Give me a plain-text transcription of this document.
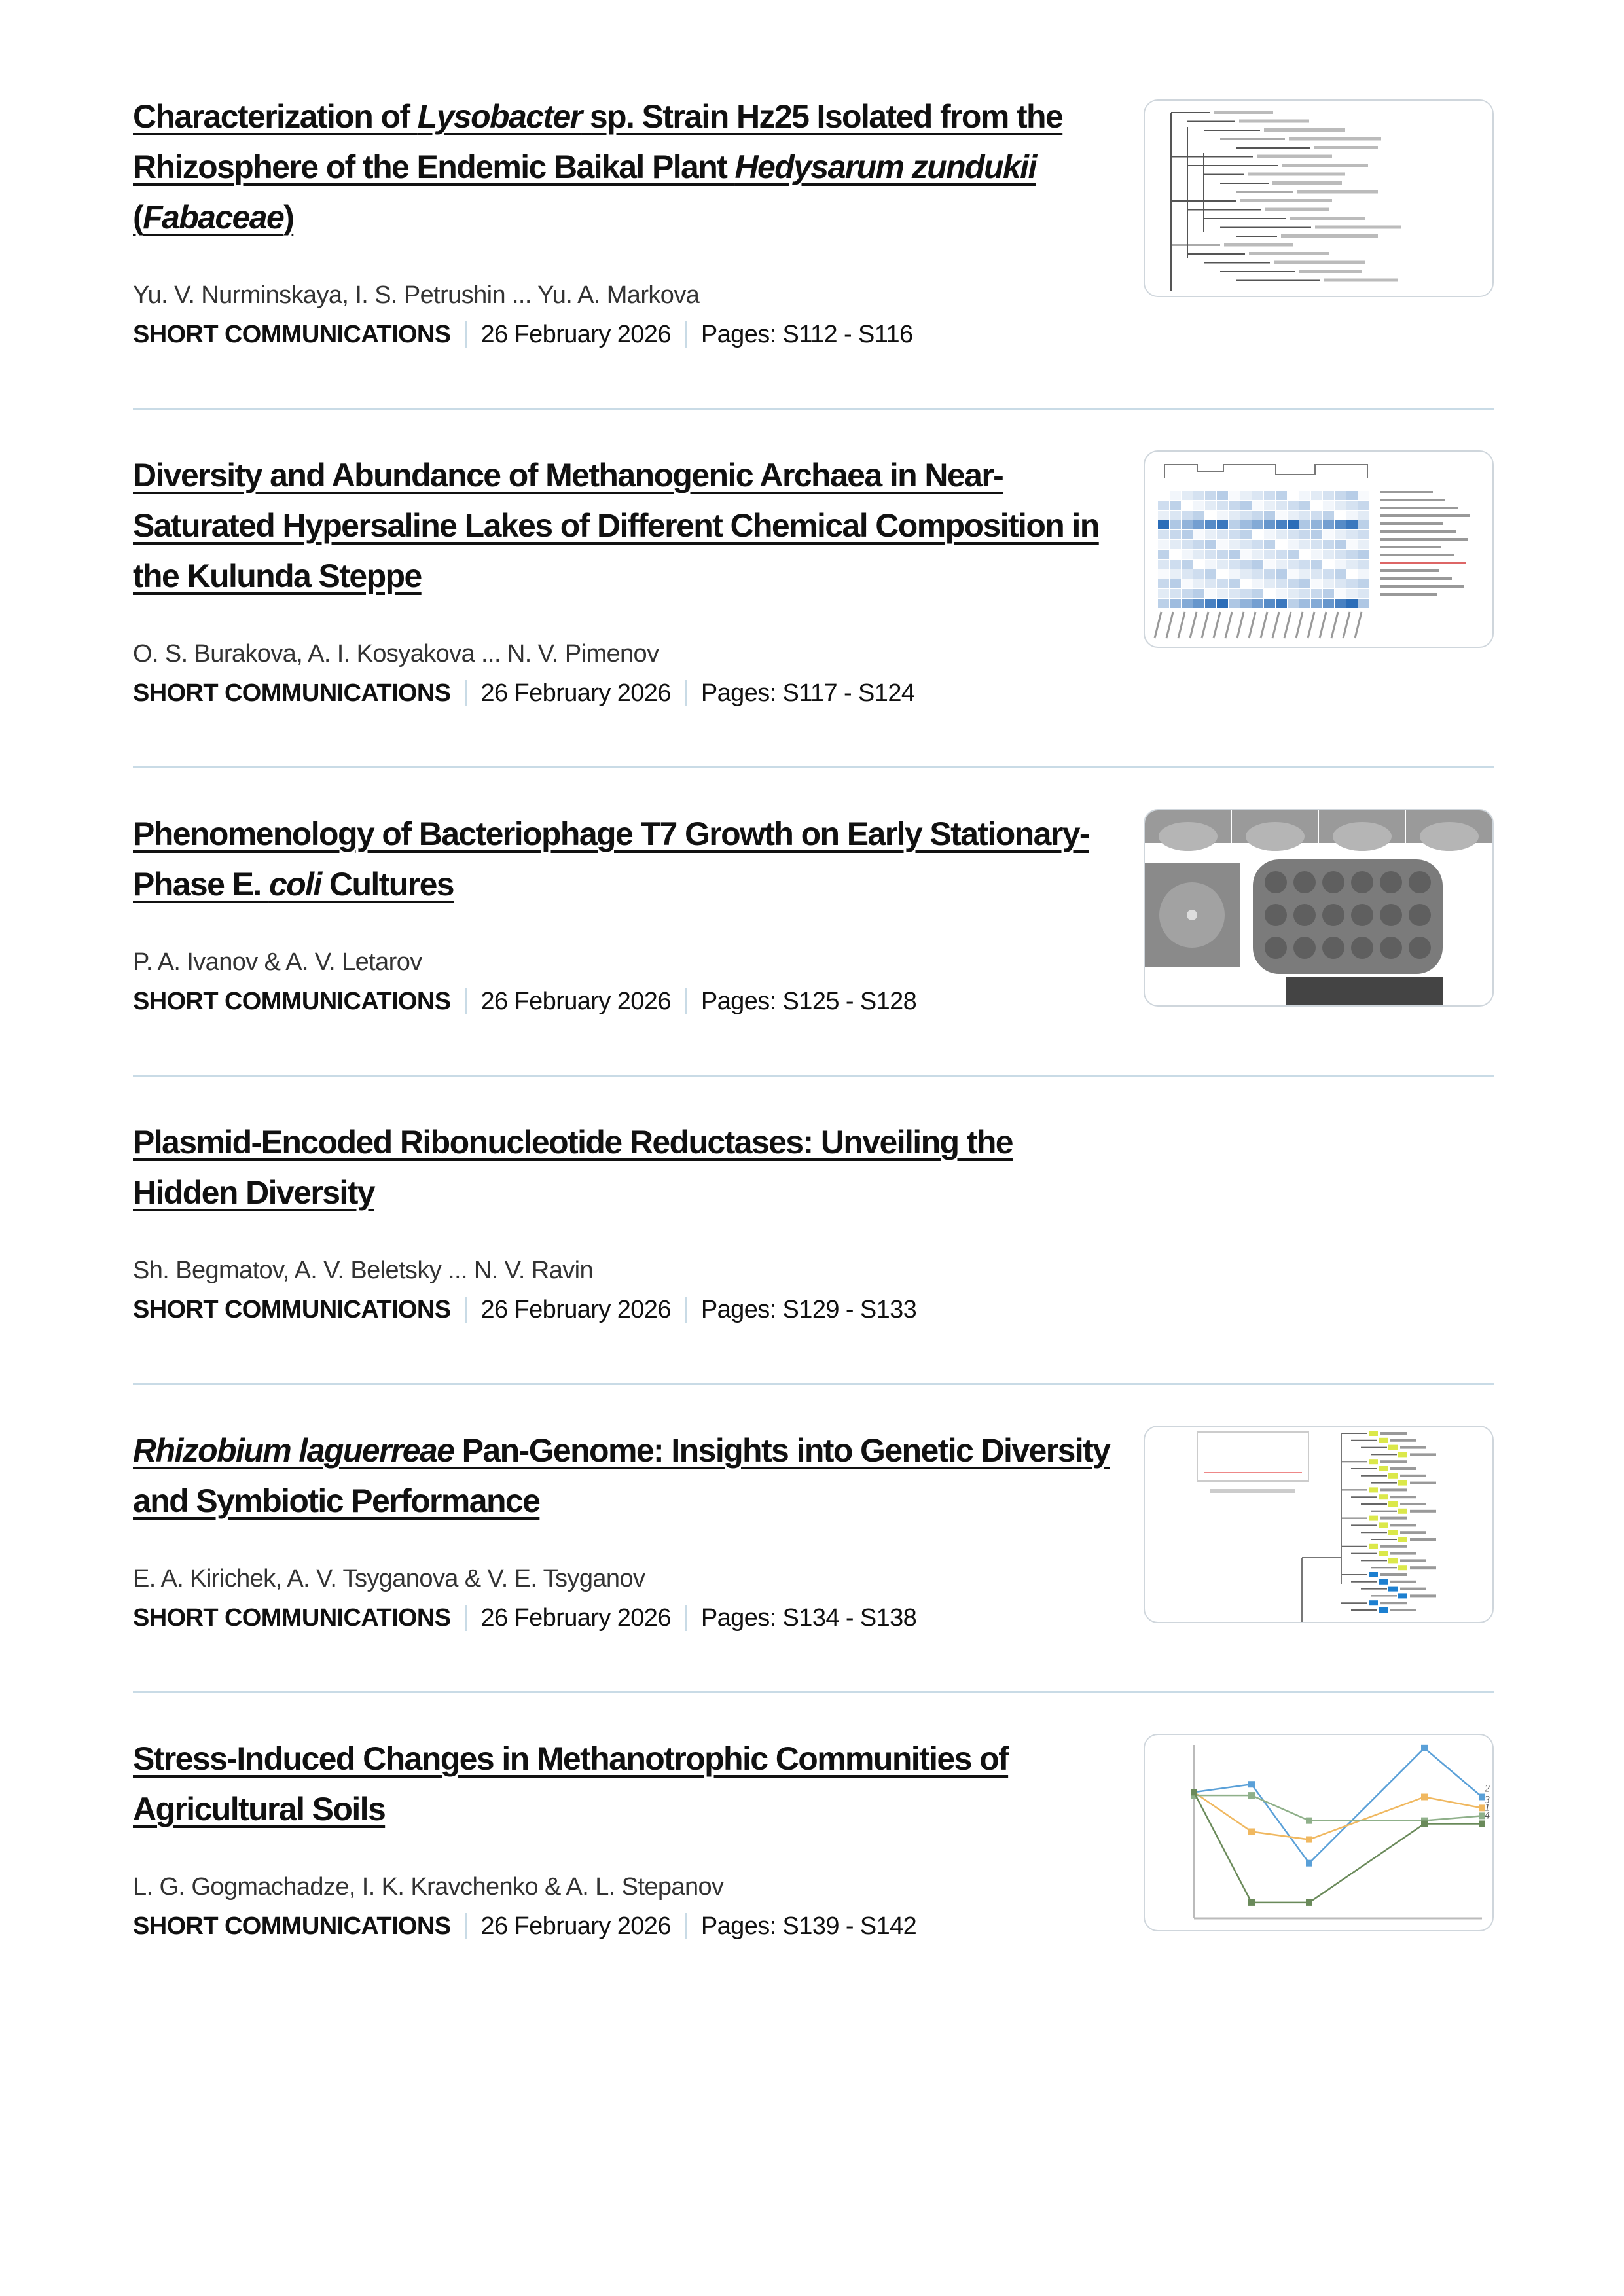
Characterization of Lysobacter sp. Strain Hz25 Isolated from the Rhizosphere of the Endemic Baikal Plant Hedysarum zundukii (Fabaceae)
Yu. V. Nurminskaya, I. S. Petrushin ... Yu. A. Markova
SHORT COMMUNICATIONS 26 February 2026 Pages: S112 - S116
Diversity and Abundance of Methanogenic Archaea in Near-Saturated Hypersaline Lakes of Different Chemical Composition in the Kulunda Steppe
O. S. Burakova, A. I. Kosyakova ... N. V. Pimenov
SHORT COMMUNICATIONS 26 February 2026 Pages: S117 - S124
Phenomenology of Bacteriophage T7 Growth on Early Stationary-Phase E. coli Cultures
P. A. Ivanov & A. V. Letarov
SHORT COMMUNICATIONS 26 February 2026 Pages: S125 - S128
Plasmid-Encoded Ribonucleotide Reductases: Unveiling the Hidden Diversity
Sh. Begmatov, A. V. Beletsky ... N. V. Ravin
SHORT COMMUNICATIONS 26 February 2026 Pages: S129 - S133
Rhizobium laguerreae Pan-Genome: Insights into Genetic Diversity and Symbiotic Performance
E. A. Kirichek, A. V. Tsyganova & V. E. Tsyganov
SHORT COMMUNICATIONS 26 February 2026 Pages: S134 - S138
Stress-Induced Changes in Methanotrophic Communities of Agricultural Soils
L. G. Gogmachadze, I. K. Kravchenko & A. L. Stepanov
SHORT COMMUNICATIONS 26 February 2026 Pages: S139 - S142
2
3
1
4
